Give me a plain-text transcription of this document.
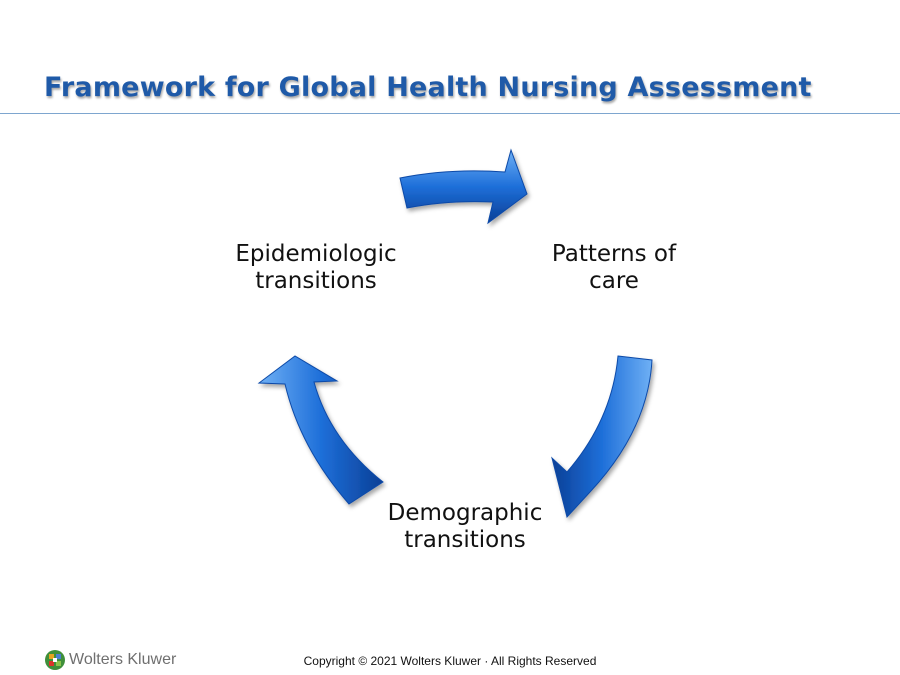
Framework for Global Health Nursing Assessment
Epidemiologic
transitions
Patterns of
care
Demographic
transitions
Wolters Kluwer	Copyright © 2021 Wolters Kluwer · All Rights Reserved
